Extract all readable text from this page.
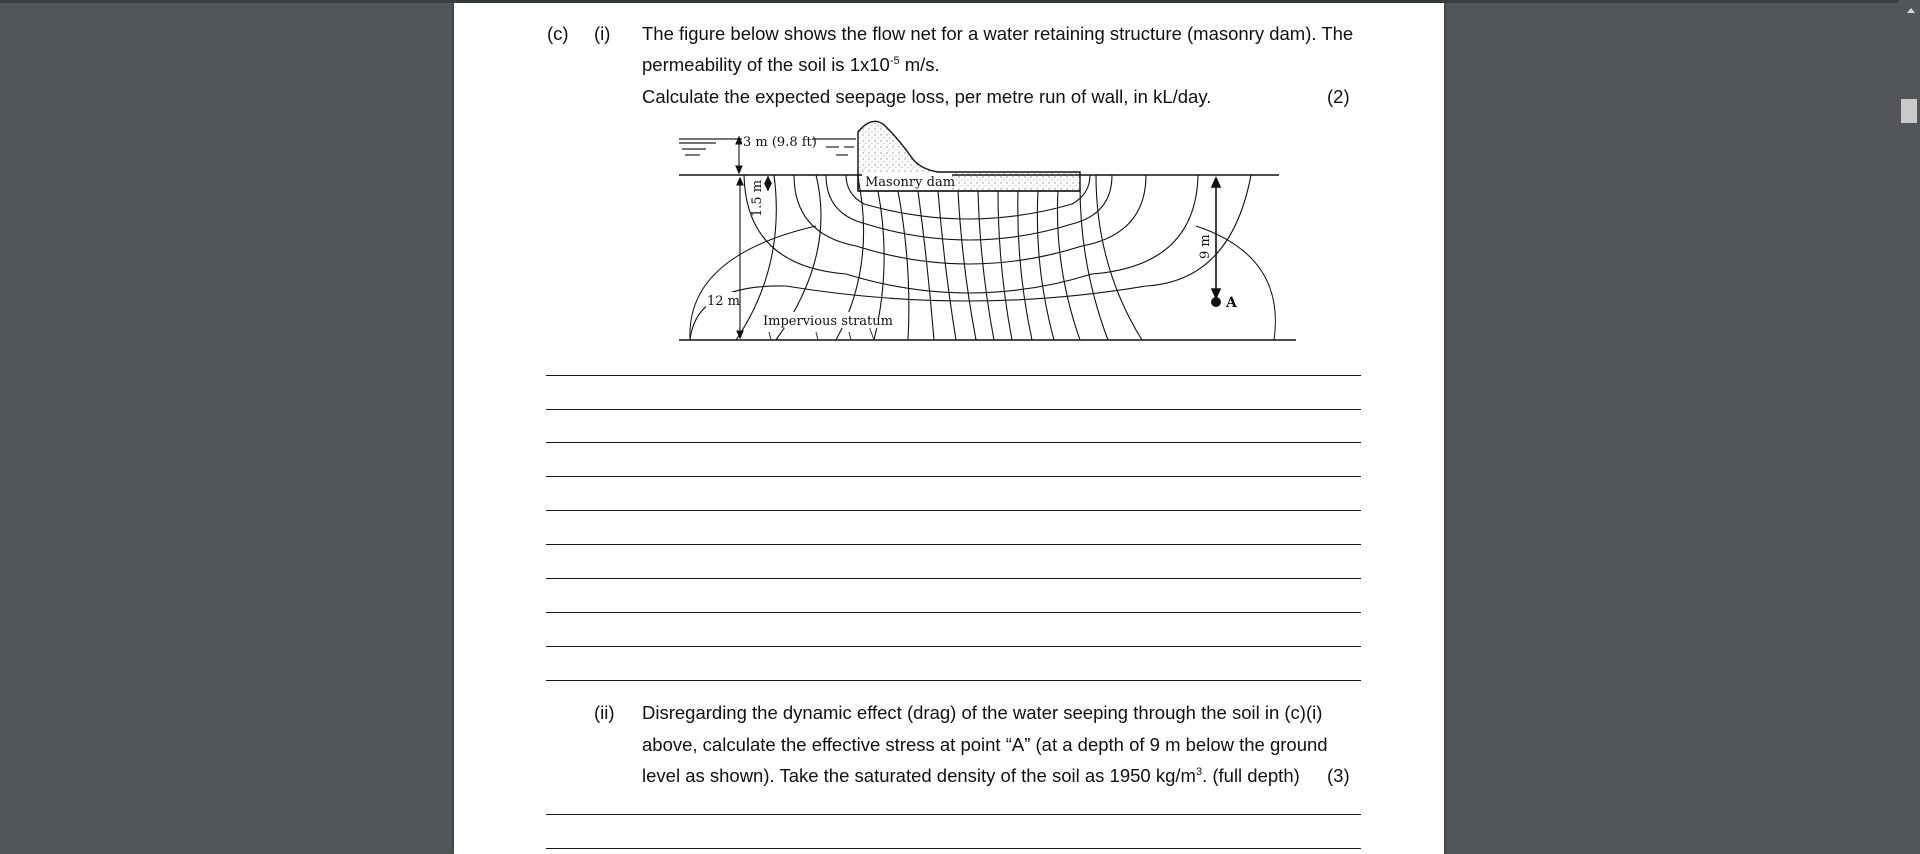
(c) (i) The figure below shows the flow net for a water retaining structure (masonry dam). The
permeability of the soil is $1x10^{-5}$ m/s.
Calculate the expected seepage loss, per metre run of wall, in kL/day.	(2)
3 m (9.8 ft)
1.5 m
12 m
Masonry dam
9 m
A
Impervious stratum
(ii) Disregarding the dynamic effect (drag) of the water seeping through the soil in (c)(i)
above, calculate the effective stress at point “A” (at a depth of 9 m below the ground
level as shown). Take the saturated density of the soil as 1950 $kg/m^3$. (full depth) (3)
